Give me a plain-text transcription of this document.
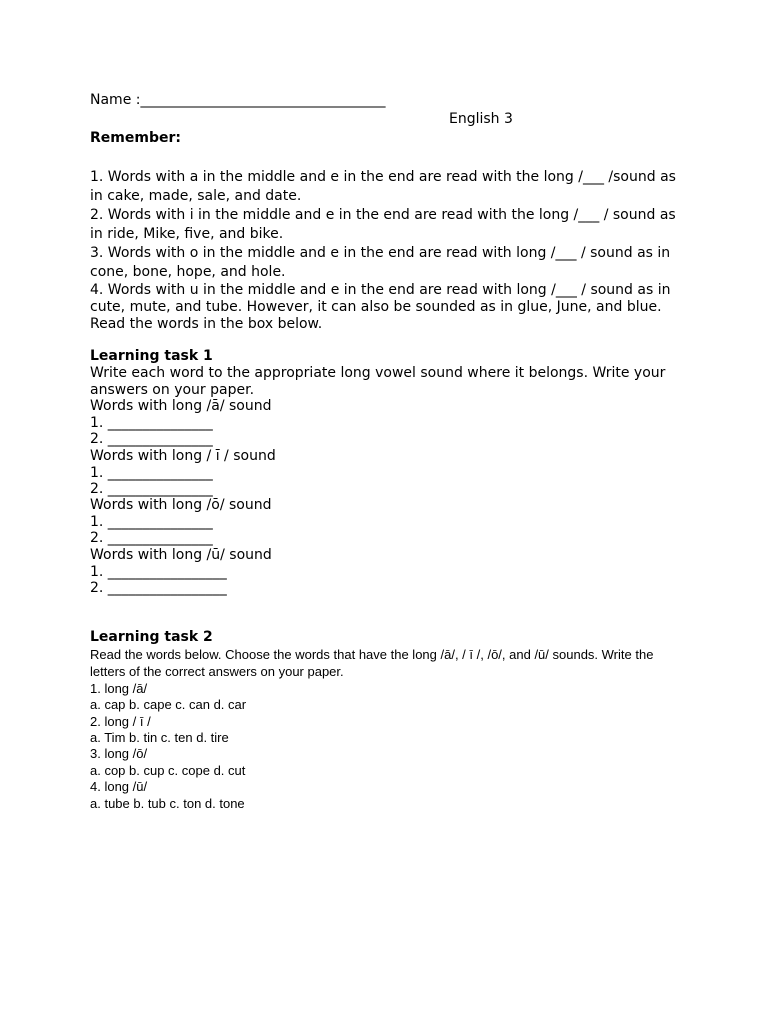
Name :___________________________________
English 3
Remember:
1. Words with a in the middle and e in the end are read with the long /___ /sound as in cake, made, sale, and date.
2. Words with i in the middle and e in the end are read with the long /___ / sound as in ride, Mike, five, and bike.
3. Words with o in the middle and e in the end are read with long /___ / sound as in cone, bone, hope, and hole.
4. Words with u in the middle and e in the end are read with long /___ / sound as in cute, mute, and tube. However, it can also be sounded as in glue, June, and blue.
Read the words in the box below.
Learning task 1
Write each word to the appropriate long vowel sound where it belongs. Write your answers on your paper.
Words with long /ā/ sound
1. _______________
2. _______________
Words with long / ī / sound
1. _______________
2. _______________
Words with long /ō/ sound
1. _______________
2. _______________
Words with long /ū/ sound
1. _________________
2. _________________
Learning task 2
Read the words below. Choose the words that have the long /ā/, / ī /, /ō/, and /ū/ sounds. Write the letters of the correct answers on your paper.
1. long /ā/
a. cap b. cape c. can d. car
2. long / ī /
a. Tim b. tin c. ten d. tire
3. long /ō/
a. cop b. cup c. cope d. cut
4. long /ū/
a. tube b. tub c. ton d. tone
